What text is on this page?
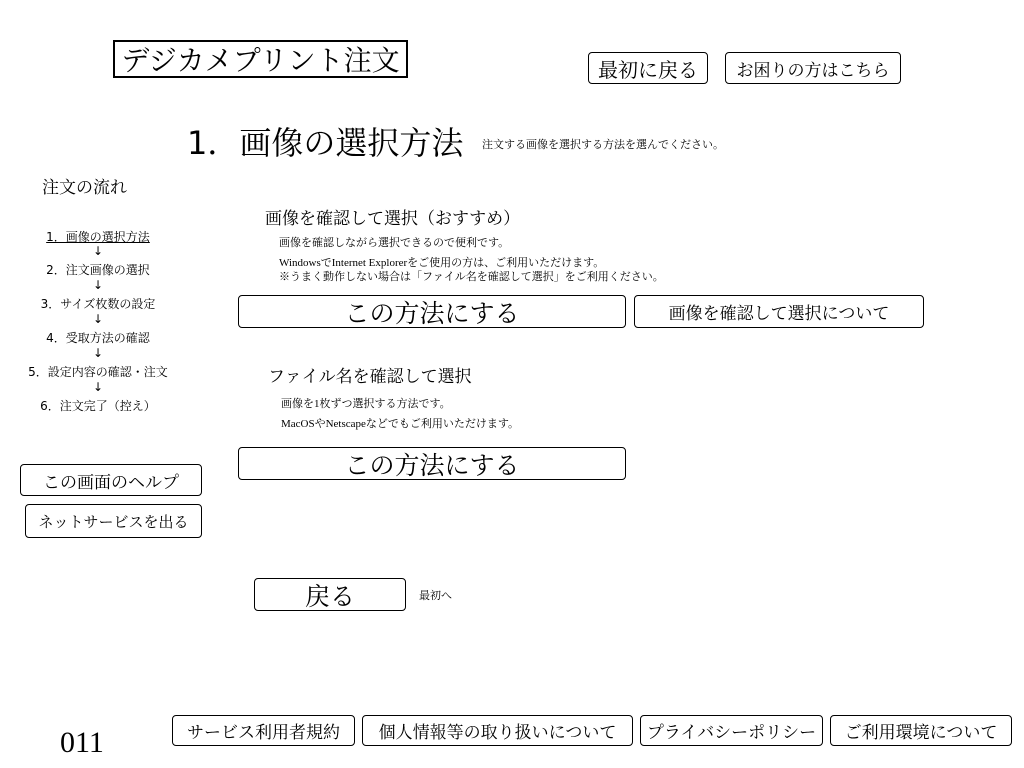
デジカメプリント注文	最初に戻る	お困りの方はこちら
1．画像の選択方法 注文する画像を選択する方法を選んでください。
注文の流れ
1．画像の選択方法
↓
2．注文画像の選択
↓
3．サイズ枚数の設定
↓
4．受取方法の確認
↓
5．設定内容の確認・注文
↓
6．注文完了（控え）
この画面のヘルプ
ネットサービスを出る
画像を確認して選択（おすすめ）
画像を確認しながら選択できるので便利です。
WindowsでInternet Explorerをご使用の方は、ご利用いただけます。
※うまく動作しない場合は「ファイル名を確認して選択」をご利用ください。
この方法にする	画像を確認して選択について
ファイル名を確認して選択
画像を1枚ずつ選択する方法です。
MacOSやNetscapeなどでもご利用いただけます。
この方法にする
戻る	最初へ
011	サービス利用者規約	個人情報等の取り扱いについて	プライバシーポリシー	ご利用環境について
